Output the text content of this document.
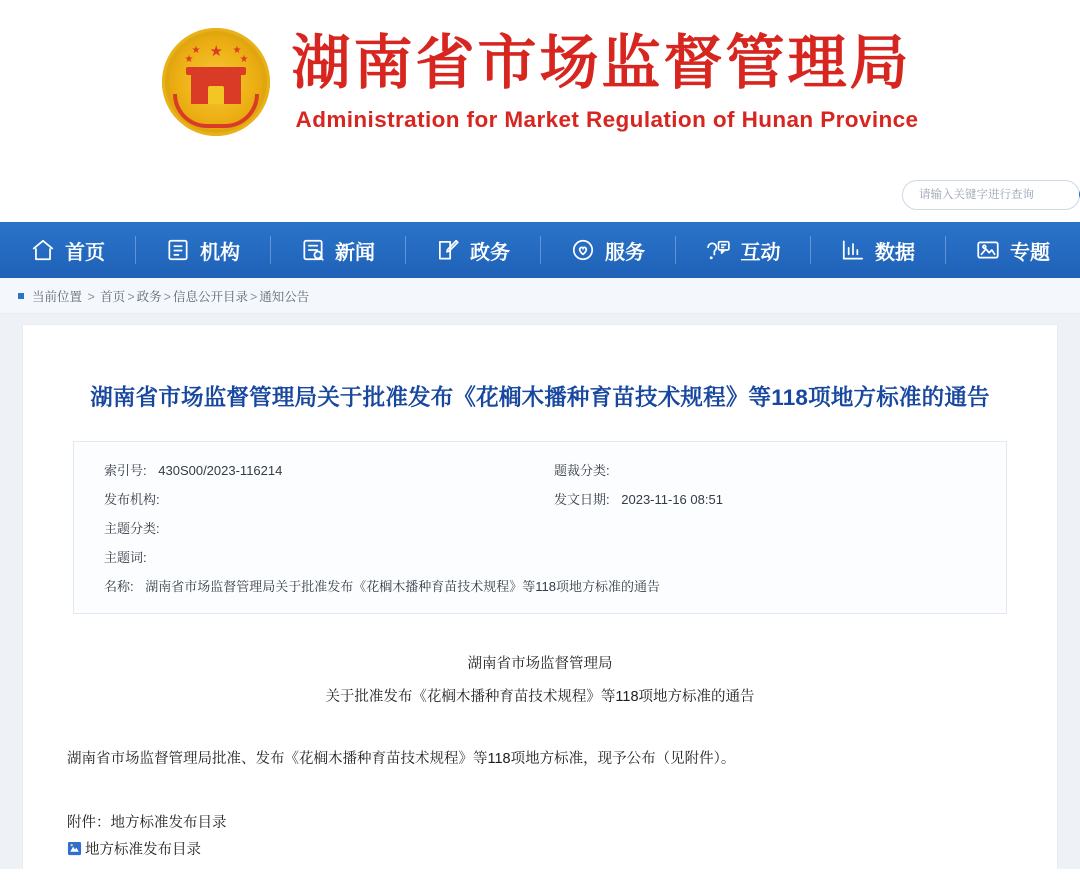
★
★
★
★
★ 湖南省市场监督管理局
Administration for Market Regulation of Hunan Province
请输入关键字进行查询
首页	机构	新闻	政务	服务	互动	数据	专题
当前位置 > 首页 > 政务 > 信息公开目录 > 通知公告
湖南省市场监督管理局关于批准发布《花榈木播种育苗技术规程》等118项地方标准的通告
索引号: 430S00/2023-116214	题裁分类:
发布机构:	发文日期: 2023-11-16 08:51
主题分类:
主题词:
名称: 湖南省市场监督管理局关于批准发布《花榈木播种育苗技术规程》等118项地方标准的通告
湖南省市场监督管理局
关于批准发布《花榈木播种育苗技术规程》等118项地方标准的通告

湖南省市场监督管理局批准、发布《花榈木播种育苗技术规程》等118项地方标准，现予公布（见附件）。

附件：地方标准发布目录
地方标准发布目录
